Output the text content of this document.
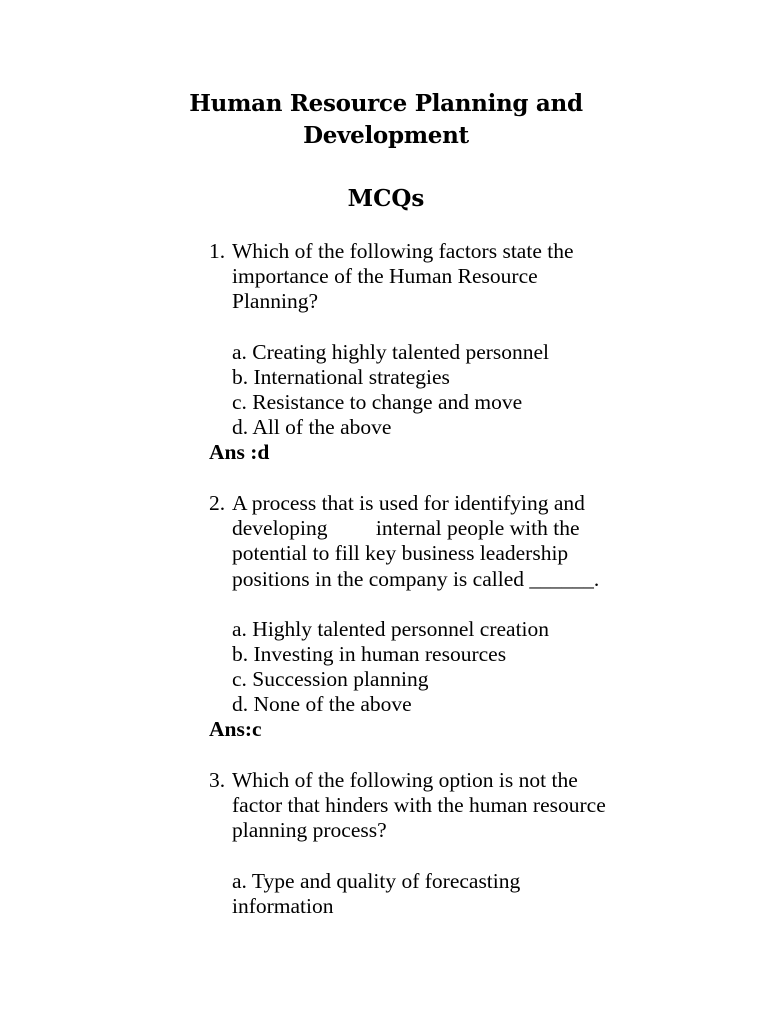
Human Resource Planning and
Development
MCQs
1. Which of the following factors state the

importance of the Human Resource

Planning?

a. Creating highly talented personnel

b. International strategies

c. Resistance to change and move

d. All of the above

Ans :d

2. A process that is used for identifying and

developing         internal people with the

potential to fill key business leadership

positions in the company is called ______.

a. Highly talented personnel creation

b. Investing in human resources

c. Succession planning

d. None of the above

Ans:c

3. Which of the following option is not the

factor that hinders with the human resource

planning process?

a. Type and quality of forecasting

information
